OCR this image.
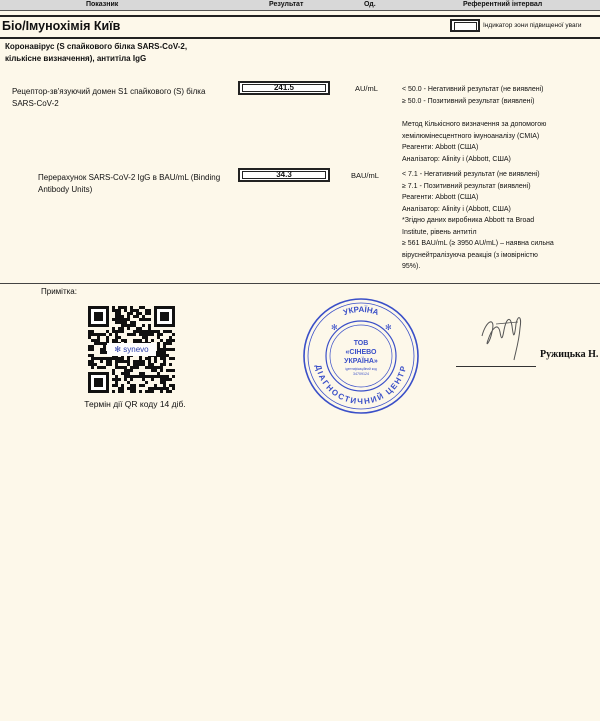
Показник	Результат	Од.	Референтний інтервал
Біо/Імунохімія Київ	Індикатор зони підвищеної уваги
Коронавірус (S спайкового білка SARS-CoV-2, кількісне визначення), антитіла IgG
Рецептор-зв'язуючий домен S1 спайкового (S) білка SARS-CoV-2
241.5	AU/mL	< 50.0 - Негативний результат (не виявлені)
≥ 50.0 - Позитивний результат (виявлені)
Метод Кількісного визначення за допомогою
хемілюмінесцентного імуноаналізу (CMIA)
Реагенти: Abbott (США)
Аналізатор: Alinity i (Abbott, США)
Перерахунок SARS-CoV-2 IgG в BAU/mL (Binding Antibody Units)
34.3	BAU/mL	< 7.1 - Негативний результат (не виявлені)
≥ 7.1 - Позитивний результат (виявлені)
Реагенти: Abbott (США)
Аналізатор: Alinity i (Abbott, США)
*Згідно даних виробника Abbott та Broad
Institute, рівень антитіл
≥ 561 BAU/mL (≥ 3950 AU/mL) – наявна сильна
віруснейтралізуюча реакція (з імовірністю
95%).
Примітка:
✻ synevo
Термін дії QR коду 14 діб.
УКРАЇНА
ДІАГНОСТИЧНИЙ ЦЕНТР
✻	✻
ТОВ
«СІНЕВО
УКРАЇНА»
ідентифікаційний код
34709124
Ружицька Н.
